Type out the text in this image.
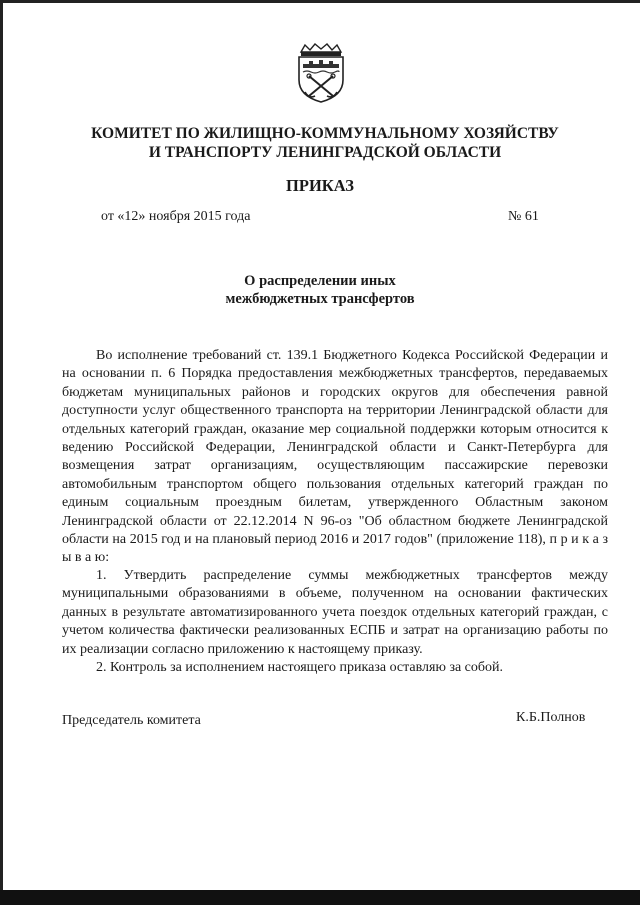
КОМИТЕТ ПО ЖИЛИЩНО-КОММУНАЛЬНОМУ ХОЗЯЙСТВУ
И ТРАНСПОРТУ ЛЕНИНГРАДСКОЙ ОБЛАСТИ
ПРИКАЗ
от «12» ноября 2015 года	№ 61
О распределении иных
межбюджетных трансфертов

Во исполнение требований ст. 139.1 Бюджетного Кодекса Российской Федерации и на основании п. 6 Порядка предоставления межбюджетных трансфертов, передаваемых бюджетам муниципальных районов и городских округов для обеспечения равной доступности услуг общественного транспорта на территории Ленинградской области для отдельных категорий граждан, оказание мер социальной поддержки которым относится к ведению Российской Федерации, Ленинградской области и Санкт-Петербурга для возмещения затрат организациям, осуществляющим пассажирские перевозки автомобильным транспортом общего пользования отдельных категорий граждан по единым социальным проездным билетам, утвержденного Областным законом Ленинградской области от 22.12.2014 N 96-оз "Об областном бюджете Ленинградской области на 2015 год и на плановый период 2016 и 2017 годов" (приложение 118), п р и к а з ы в а ю:

1. Утвердить распределение суммы межбюджетных трансфертов между муниципальными образованиями в объеме, полученном на основании фактических данных в результате автоматизированного учета поездок отдельных категорий граждан, с учетом количества фактически реализованных ЕСПБ и затрат на организацию работы по их реализации согласно приложению к настоящему приказу.

2. Контроль за исполнением настоящего приказа оставляю за собой.

Председатель комитета	К.Б.Полнов
